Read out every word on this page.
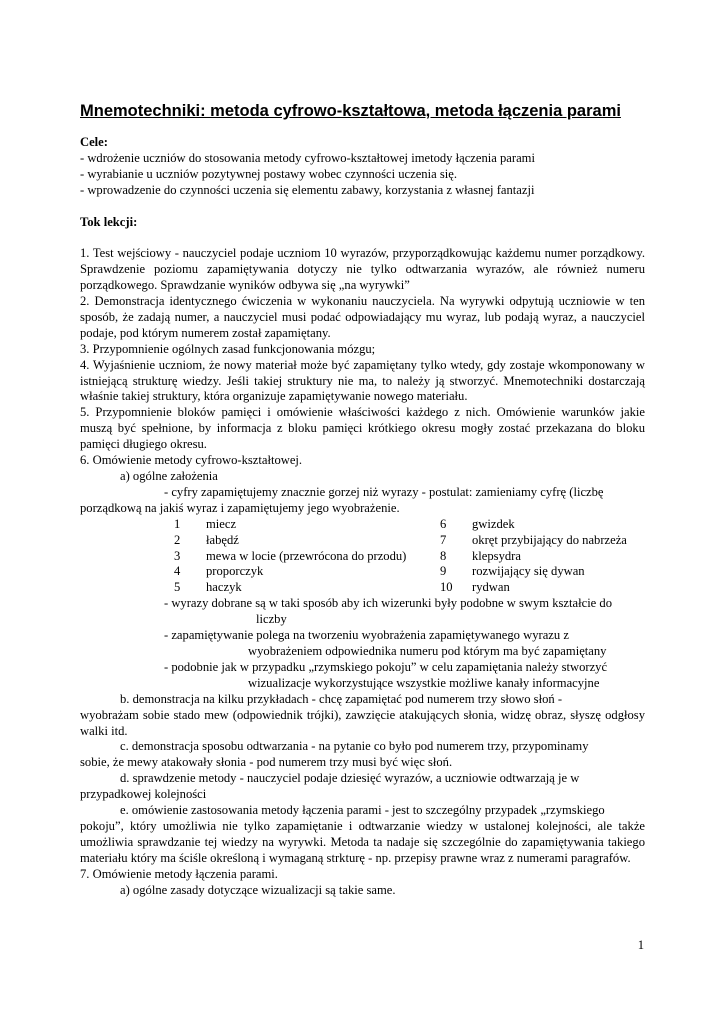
Mnemotechniki: metoda cyfrowo-kształtowa, metoda łączenia parami

Cele:

- wdrożenie uczniów do stosowania metody cyfrowo-kształtowej imetody łączenia parami

- wyrabianie u uczniów pozytywnej postawy wobec czynności uczenia się.

- wprowadzenie do czynności uczenia się elementu zabawy, korzystania z własnej fantazji

Tok lekcji:

1. Test wejściowy - nauczyciel podaje uczniom 10 wyrazów, przyporządkowując każdemu numer porządkowy. Sprawdzenie poziomu zapamiętywania dotyczy nie tylko odtwarzania wyrazów, ale również numeru porządkowego. Sprawdzanie wyników odbywa się „na wyrywki”

2. Demonstracja identycznego ćwiczenia w wykonaniu nauczyciela. Na wyrywki odpytują uczniowie w ten sposób, że zadają numer, a nauczyciel musi podać odpowiadający mu wyraz, lub podają wyraz, a nauczyciel podaje, pod którym numerem został zapamiętany.

3. Przypomnienie ogólnych zasad funkcjonowania mózgu;

4. Wyjaśnienie uczniom, że nowy materiał może być zapamiętany tylko wtedy, gdy zostaje wkomponowany w istniejącą strukturę wiedzy. Jeśli takiej struktury nie ma, to należy ją stworzyć. Mnemotechniki dostarczają właśnie takiej struktury, która organizuje zapamiętywanie nowego materiału.

5. Przypomnienie bloków pamięci i omówienie właściwości każdego z nich. Omówienie warunków jakie muszą być spełnione, by informacja z bloku pamięci krótkiego okresu mogły zostać przekazana do bloku pamięci długiego okresu.

6. Omówienie metody cyfrowo-kształtowej.

a) ogólne założenia

- cyfry zapamiętujemy znacznie gorzej niż wyrazy - postulat: zamieniamy cyfrę (liczbę porządkową na jakiś wyraz i zapamiętujemy jego wyobrażenie.

1	miecz	6	gwizdek
2	łabędź	7	okręt przybijający do nabrzeża
3	mewa w locie (przewrócona do przodu)	8	klepsydra
4	proporczyk	9	rozwijający się dywan
5	haczyk	10	rydwan

- wyrazy dobrane są w taki sposób aby ich wizerunki były podobne w swym kształcie do

liczby

- zapamiętywanie polega na tworzeniu wyobrażenia zapamiętywanego wyrazu z

wyobrażeniem odpowiednika numeru pod którym ma być zapamiętany

- podobnie jak w przypadku „rzymskiego pokoju” w celu zapamiętania należy stworzyć

wizualizacje wykorzystujące wszystkie możliwe kanały informacyjne

b. demonstracja na kilku przykładach - chcę zapamiętać pod numerem trzy słowo słoń -

wyobrażam sobie stado mew (odpowiednik trójki), zawzięcie atakujących słonia, widzę obraz, słyszę odgłosy walki itd.

c. demonstracja sposobu odtwarzania - na pytanie co było pod numerem trzy, przypominamy

sobie, że mewy atakowały słonia - pod numerem trzy musi być więc słoń.

d. sprawdzenie metody - nauczyciel podaje dziesięć wyrazów, a uczniowie odtwarzają je w

przypadkowej kolejności

e. omówienie zastosowania metody łączenia parami - jest to szczególny przypadek „rzymskiego

pokoju”, który umożliwia nie tylko zapamiętanie i odtwarzanie wiedzy w ustalonej kolejności, ale także umożliwia sprawdzanie tej wiedzy na wyrywki. Metoda ta nadaje się szczególnie do zapamiętywania takiego materiału który ma ściśle określoną i wymaganą strkturę - np. przepisy prawne wraz z numerami paragrafów.

7. Omówienie metody łączenia parami.

a) ogólne zasady dotyczące wizualizacji są takie same.

1
